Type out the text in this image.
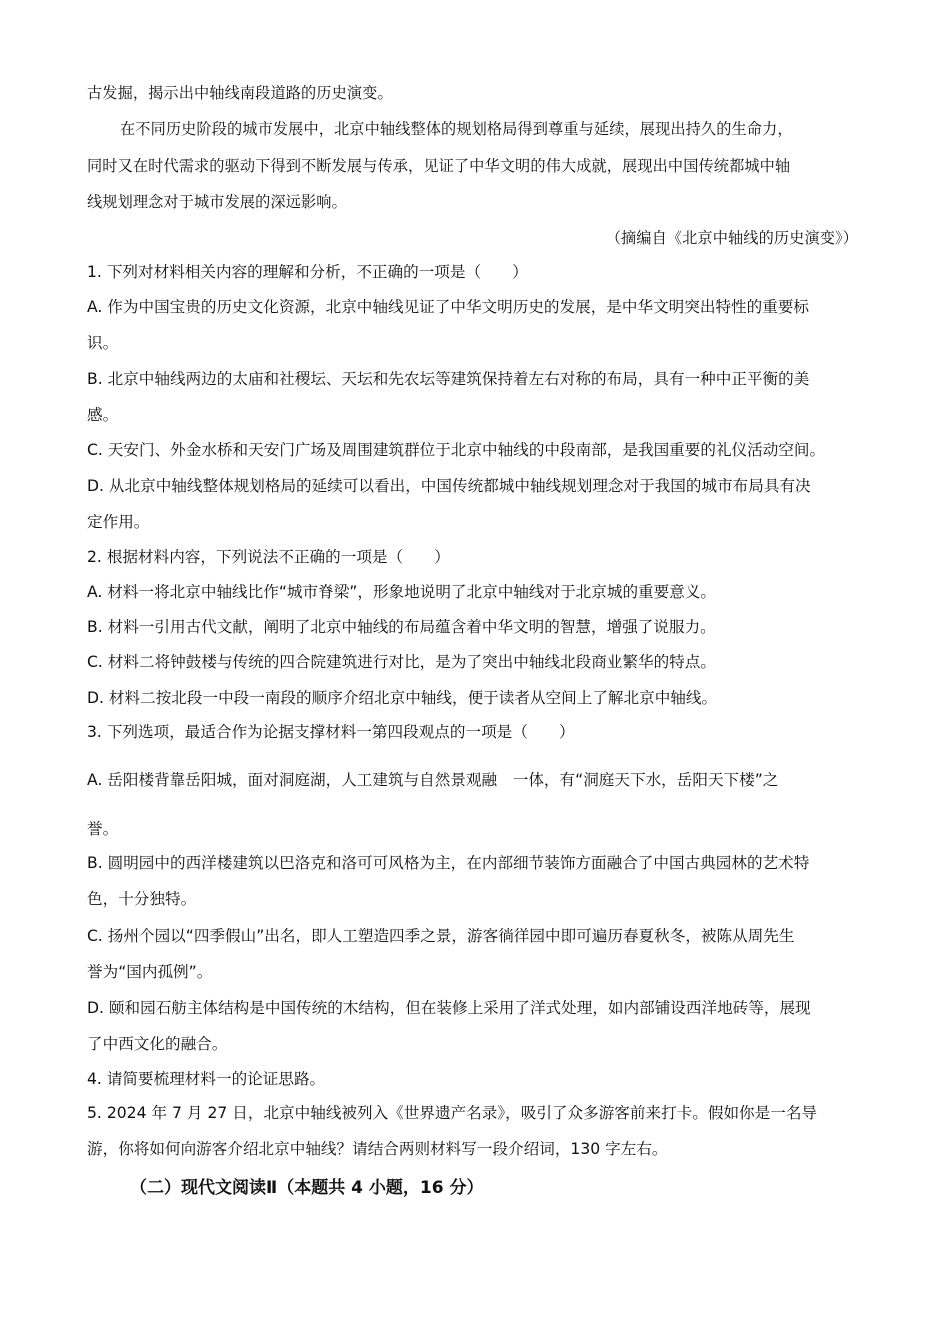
古发掘，揭示出中轴线南段道路的历史演变。
在不同历史阶段的城市发展中，北京中轴线整体的规划格局得到尊重与延续，展现出持久的生命力，
同时又在时代需求的驱动下得到不断发展与传承，见证了中华文明的伟大成就，展现出中国传统都城中轴
线规划理念对于城市发展的深远影响。
（摘编自《北京中轴线的历史演变》）
1. 下列对材料相关内容的理解和分析，不正确的一项是（　　）
A. 作为中国宝贵的历史文化资源，北京中轴线见证了中华文明历史的发展，是中华文明突出特性的重要标
识。
B. 北京中轴线两边的太庙和社稷坛、天坛和先农坛等建筑保持着左右对称的布局，具有一种中正平衡的美
感。
C. 天安门、外金水桥和天安门广场及周围建筑群位于北京中轴线的中段南部，是我国重要的礼仪活动空间。
D. 从北京中轴线整体规划格局的延续可以看出，中国传统都城中轴线规划理念对于我国的城市布局具有决
定作用。
2. 根据材料内容，下列说法不正确的一项是（　　）
A. 材料一将北京中轴线比作“城市脊梁”，形象地说明了北京中轴线对于北京城的重要意义。
B. 材料一引用古代文献，阐明了北京中轴线的布局蕴含着中华文明的智慧，增强了说服力。
C. 材料二将钟鼓楼与传统的四合院建筑进行对比，是为了突出中轴线北段商业繁华的特点。
D. 材料二按北段一中段一南段的顺序介绍北京中轴线，便于读者从空间上了解北京中轴线。
3. 下列选项，最适合作为论据支撑材料一第四段观点的一项是（　　）
A. 岳阳楼背靠岳阳城，面对洞庭湖，人工建筑与自然景观融　一体，有“洞庭天下水，岳阳天下楼”之
誉。
B. 圆明园中的西洋楼建筑以巴洛克和洛可可风格为主，在内部细节装饰方面融合了中国古典园林的艺术特
色，十分独特。
C. 扬州个园以“四季假山”出名，即人工塑造四季之景，游客徜徉园中即可遍历春夏秋冬，被陈从周先生
誉为“国内孤例”。
D. 颐和园石舫主体结构是中国传统的木结构，但在装修上采用了洋式处理，如内部铺设西洋地砖等，展现
了中西文化的融合。
4. 请简要梳理材料一的论证思路。
5. 2024 年 7 月 27 日，北京中轴线被列入《世界遗产名录》，吸引了众多游客前来打卡。假如你是一名导
游，你将如何向游客介绍北京中轴线？请结合两则材料写一段介绍词，130 字左右。
（二）现代文阅读Ⅱ（本题共 4 小题，16 分）
